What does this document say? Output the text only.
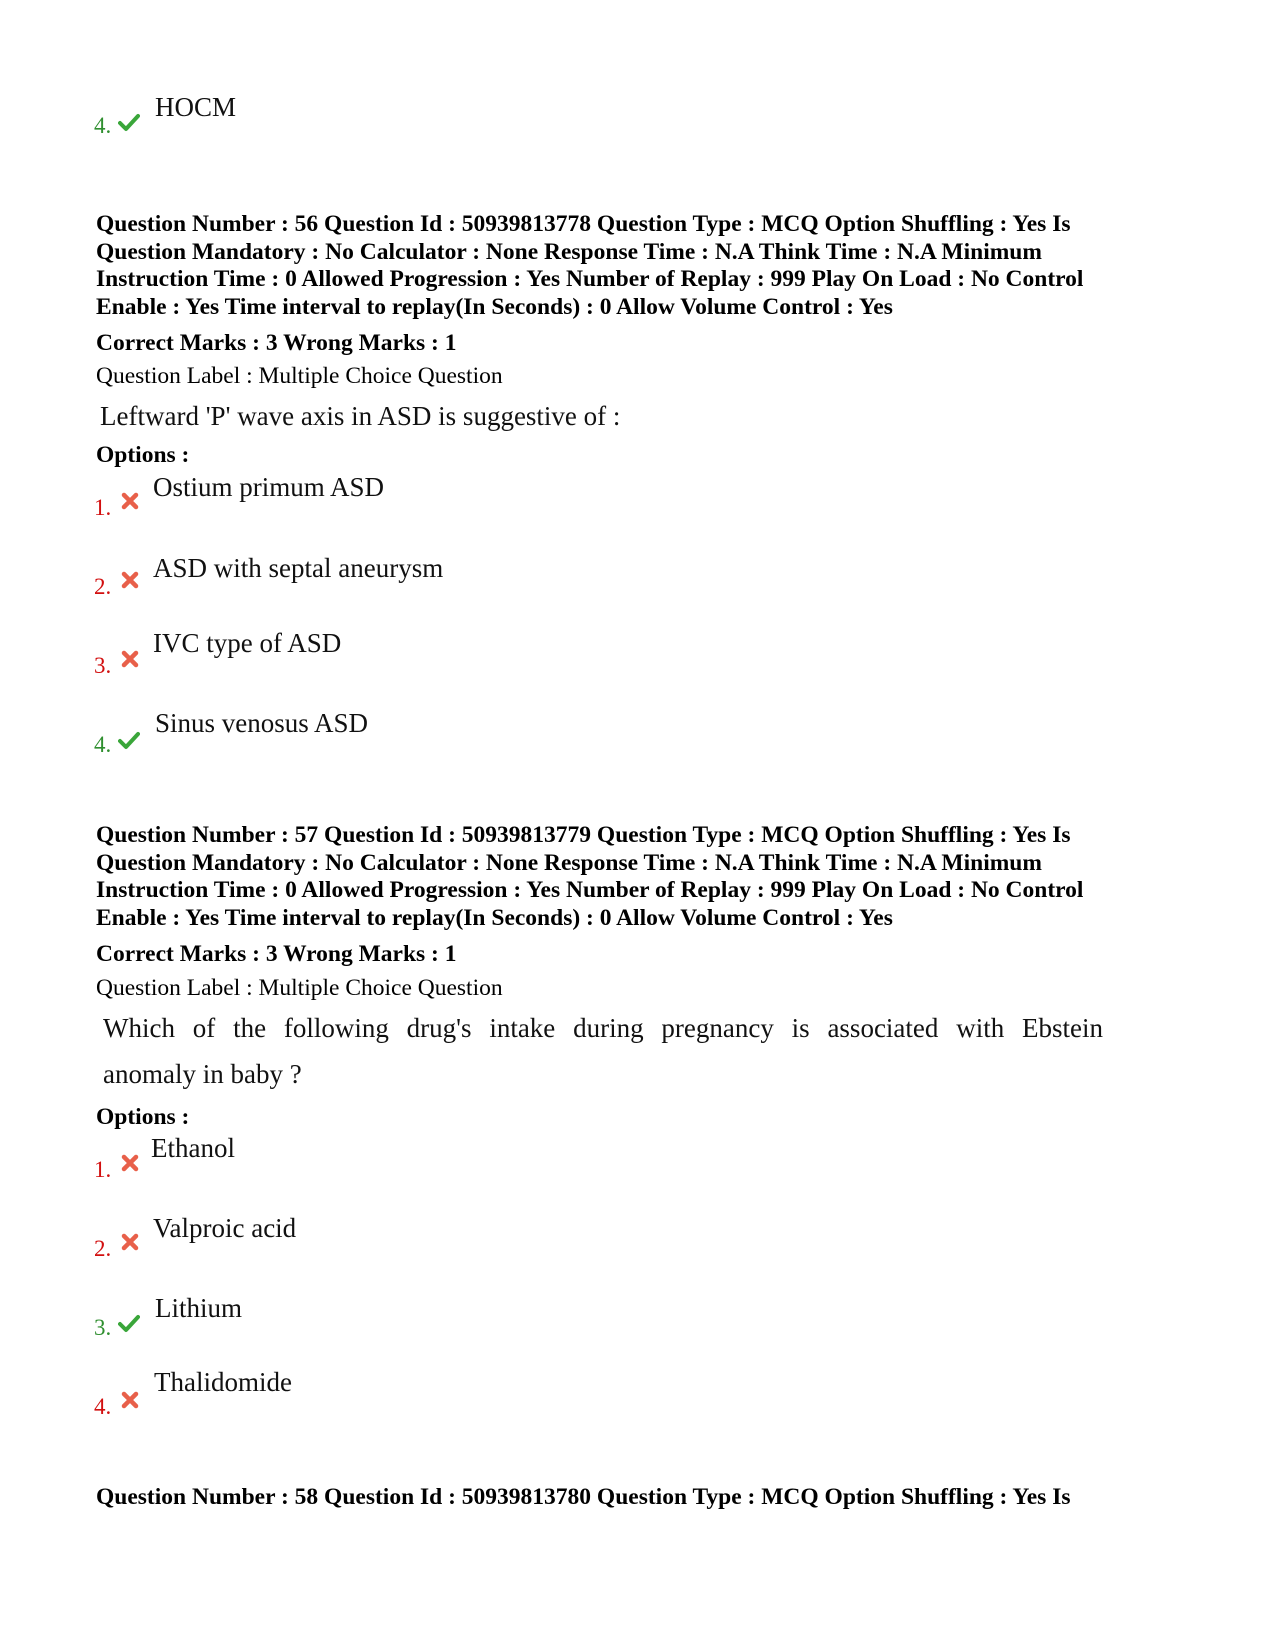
4.
HOCM
Question Number : 56 Question Id : 50939813778 Question Type : MCQ Option Shuffling : Yes Is
Question Mandatory : No Calculator : None Response Time : N.A Think Time : N.A Minimum
Instruction Time : 0 Allowed Progression : Yes Number of Replay : 999 Play On Load : No Control
Enable : Yes Time interval to replay(In Seconds) : 0 Allow Volume Control : Yes
Correct Marks : 3 Wrong Marks : 1
Question Label : Multiple Choice Question
Leftward 'P' wave axis in ASD is suggestive of :
Options :
1.
Ostium primum ASD
2.
ASD with septal aneurysm
3.
IVC type of ASD
4.
Sinus venosus ASD
Question Number : 57 Question Id : 50939813779 Question Type : MCQ Option Shuffling : Yes Is
Question Mandatory : No Calculator : None Response Time : N.A Think Time : N.A Minimum
Instruction Time : 0 Allowed Progression : Yes Number of Replay : 999 Play On Load : No Control
Enable : Yes Time interval to replay(In Seconds) : 0 Allow Volume Control : Yes
Correct Marks : 3 Wrong Marks : 1
Question Label : Multiple Choice Question
Which of the following drug's intake during pregnancy is associated with Ebstein
anomaly in baby ?
Options :
1.
Ethanol
2.
Valproic acid
3.
Lithium
4.
Thalidomide
Question Number : 58 Question Id : 50939813780 Question Type : MCQ Option Shuffling : Yes Is
